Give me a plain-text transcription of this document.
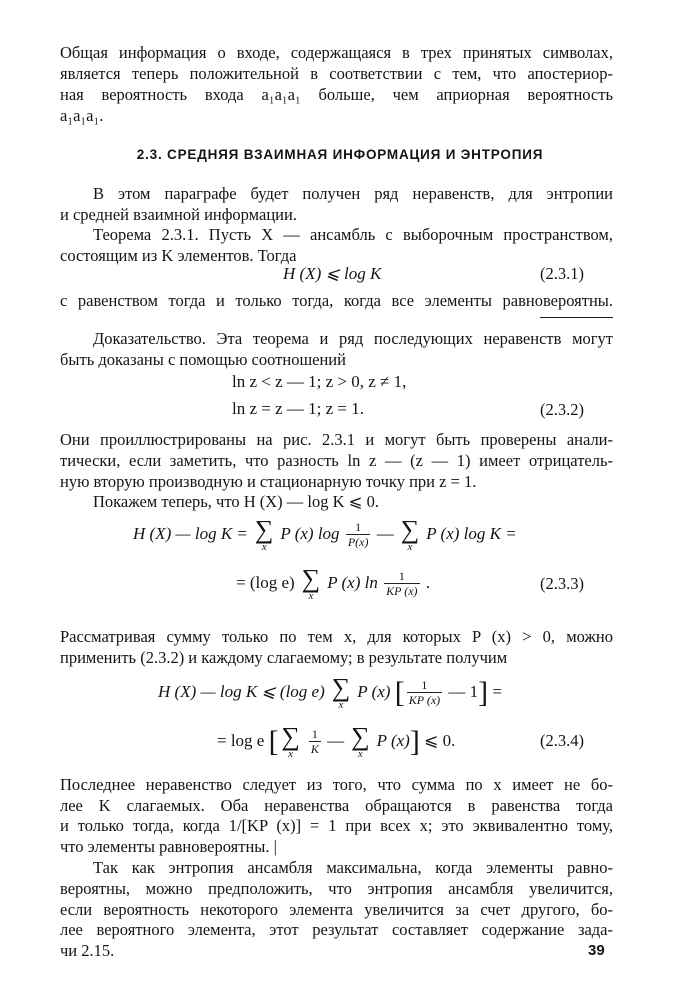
Общая информация о входе, содержащаяся в трех принятых символах,
является теперь положительной в соответствии с тем, что апостериор-
ная вероятность входа a₁a₁a₁ больше, чем априорная вероятность
a₁a₁a₁.
2.3. СРЕДНЯЯ ВЗАИМНАЯ ИНФОРМАЦИЯ И ЭНТРОПИЯ
В этом параграфе будет получен ряд неравенств, для энтропии
и средней взаимной информации.
Теорема 2.3.1. Пусть X — ансамбль с выборочным пространством,
состоящим из K элементов. Тогда
H (X) ⩽ log K	(2.3.1)
с равенством тогда и только тогда, когда все элементы равновероятны.
Доказательство. Эта теорема и ряд последующих неравенств могут
быть доказаны с помощью соотношений
ln z < z — 1; z > 0, z ≠ 1,
ln z = z — 1; z = 1.	(2.3.2)
Они проиллюстрированы на рис. 2.3.1 и могут быть проверены анали-
тически, если заметить, что разность ln z — (z — 1) имеет отрицатель-
ную вторую производную и стационарную точку при z = 1.
Покажем теперь, что H (X) — log K ⩽ 0.
H (X) — log K = ∑
x
P (x) $\log \frac{1}{P(x)}$ — ∑
x
P (x) log K =
= (log e) ∑
x
P (x) $\ln \frac{1}{KP (x)}$ .	(2.3.3)
Рассматривая сумму только по тем x, для которых P (x) > 0, можно
применить (2.3.2) и каждому слагаемому; в результате получим
H (X) — log K ⩽ (log e) ∑
x
P (x) [ $\frac{1}{KP (x)}$ — 1] =
= log e [ ∑
x
	$\frac{1}{K}$ — ∑
x
P (x)] ⩽ 0.	(2.3.4)
Последнее неравенство следует из того, что сумма по x имеет не бо-
лее K слагаемых. Оба неравенства обращаются в равенства тогда
и только тогда, когда 1/[KP (x)] = 1 при всех x; это эквивалентно тому,
что элементы равновероятны. |
Так как энтропия ансамбля максимальна, когда элементы равно-
вероятны, можно предположить, что энтропия ансамбля увеличится,
если вероятность некоторого элемента увеличится за счет другого, бо-
лее вероятного элемента, этот результат составляет содержание зада-
чи 2.15.	39
